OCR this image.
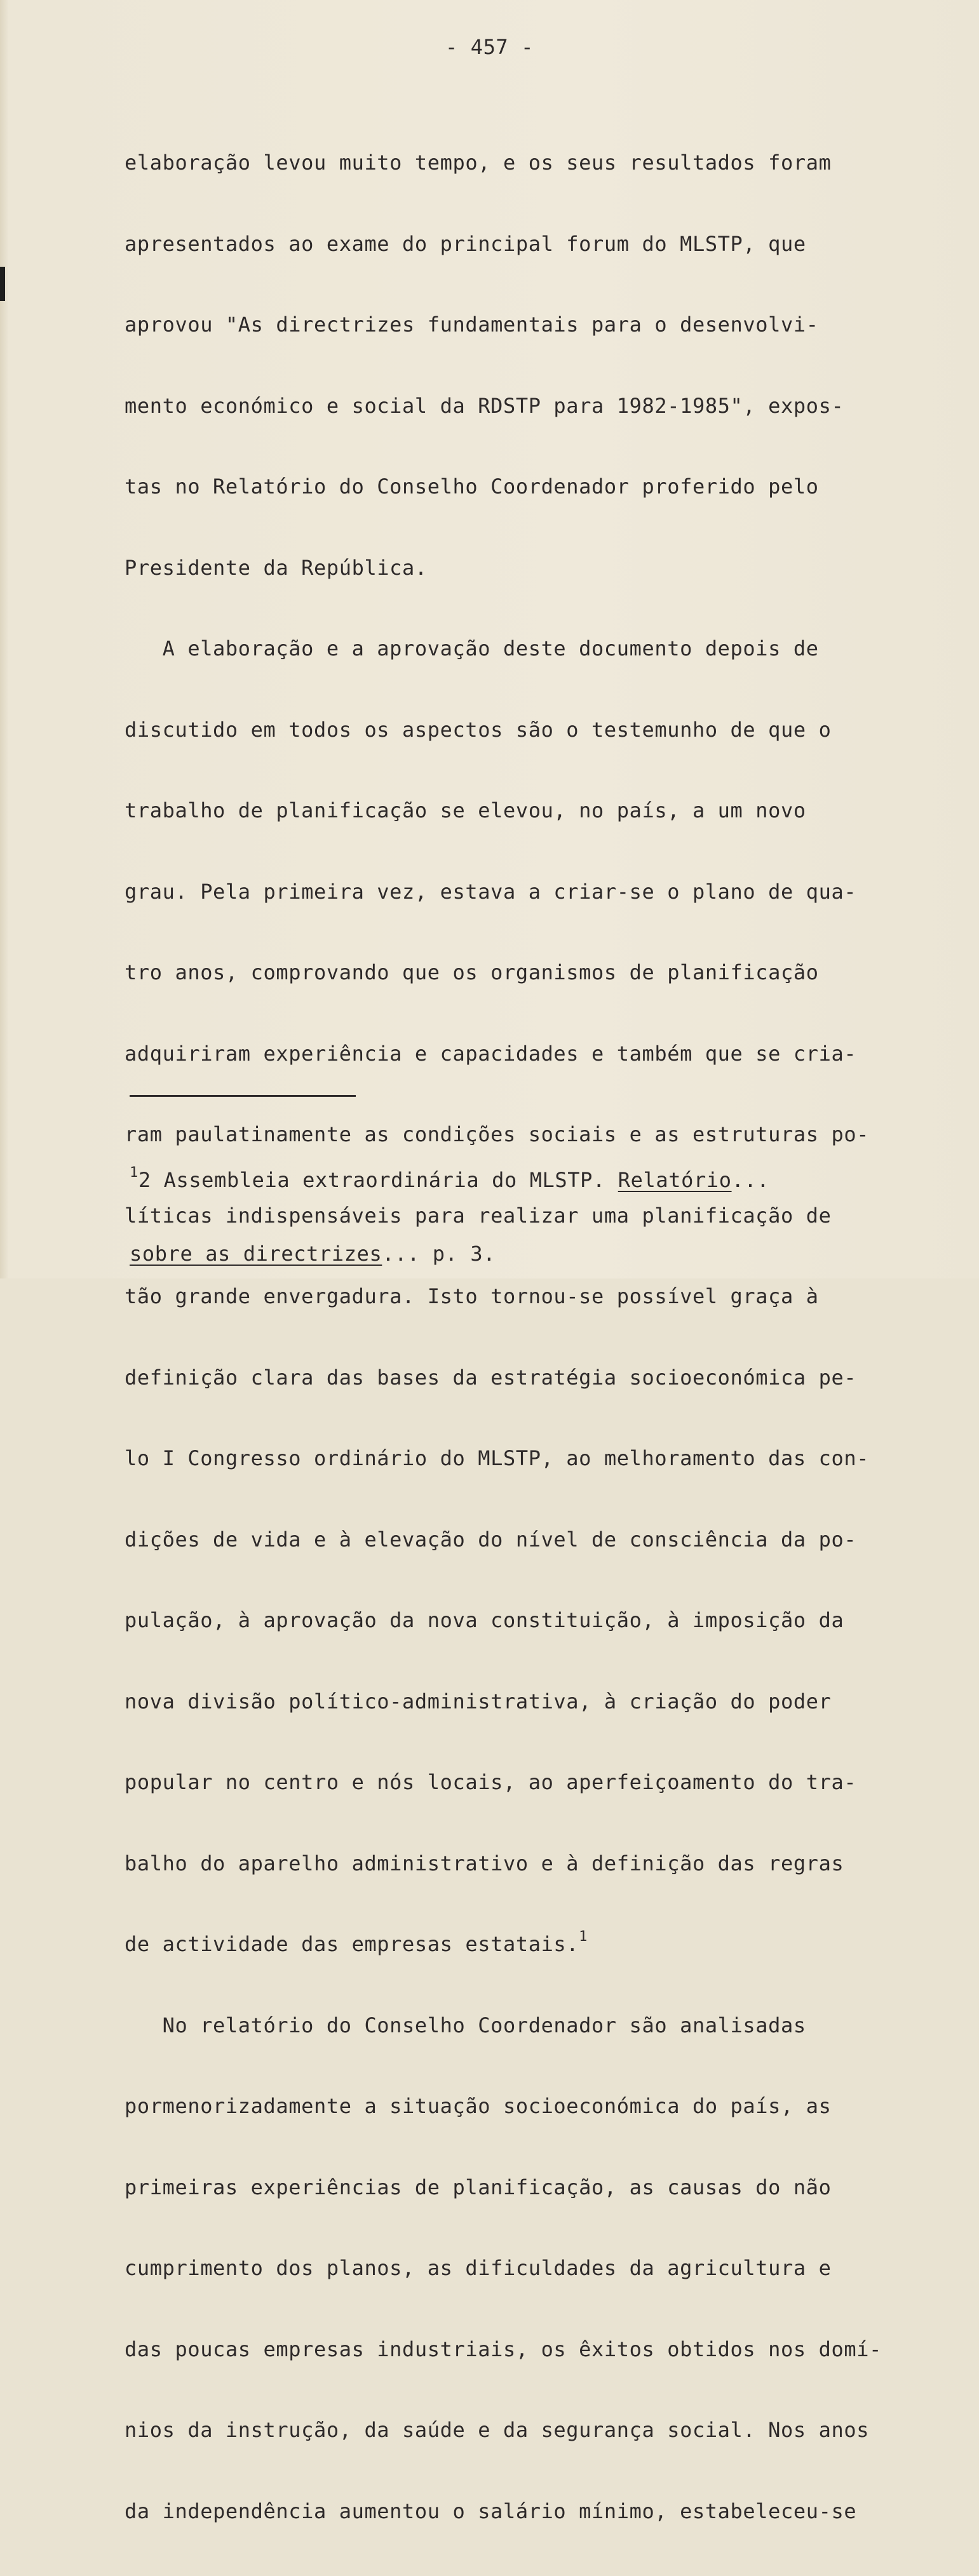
- 457 -

elaboração levou muito tempo, e os seus resultados foram

apresentados ao exame do principal forum do MLSTP, que

aprovou "As directrizes fundamentais para o desenvolvi-

mento económico e social da RDSTP para 1982-1985", expos-

tas no Relatório do Conselho Coordenador proferido pelo

Presidente da República.

A elaboração e a aprovação deste documento depois de

discutido em todos os aspectos são o testemunho de que o

trabalho de planificação se elevou, no país, a um novo

grau. Pela primeira vez, estava a criar-se o plano de qua-

tro anos, comprovando que os organismos de planificação

adquiriram experiência e capacidades e também que se cria-

ram paulatinamente as condições sociais e as estruturas po-

líticas indispensáveis para realizar uma planificação de

tão grande envergadura. Isto tornou-se possível graça à

definição clara das bases da estratégia socioeconómica pe-

lo I Congresso ordinário do MLSTP, ao melhoramento das con-

dições de vida e à elevação do nível de consciência da po-

pulação, à aprovação da nova constituição, à imposição da

nova divisão político-administrativa, à criação do poder

popular no centro e nós locais, ao aperfeiçoamento do tra-

balho do aparelho administrativo e à definição das regras

de actividade das empresas estatais.$^1$

No relatório do Conselho Coordenador são analisadas

pormenorizadamente a situação socioeconómica do país, as

primeiras experiências de planificação, as causas do não

cumprimento dos planos, as dificuldades da agricultura e

das poucas empresas industriais, os êxitos obtidos nos domí-

nios da instrução, da saúde e da segurança social. Nos anos

da independência aumentou o salário mínimo, estabeleceu-se

$^1$2 Assembleia extraordinária do MLSTP. Relatório...

sobre as directrizes... p. 3.
